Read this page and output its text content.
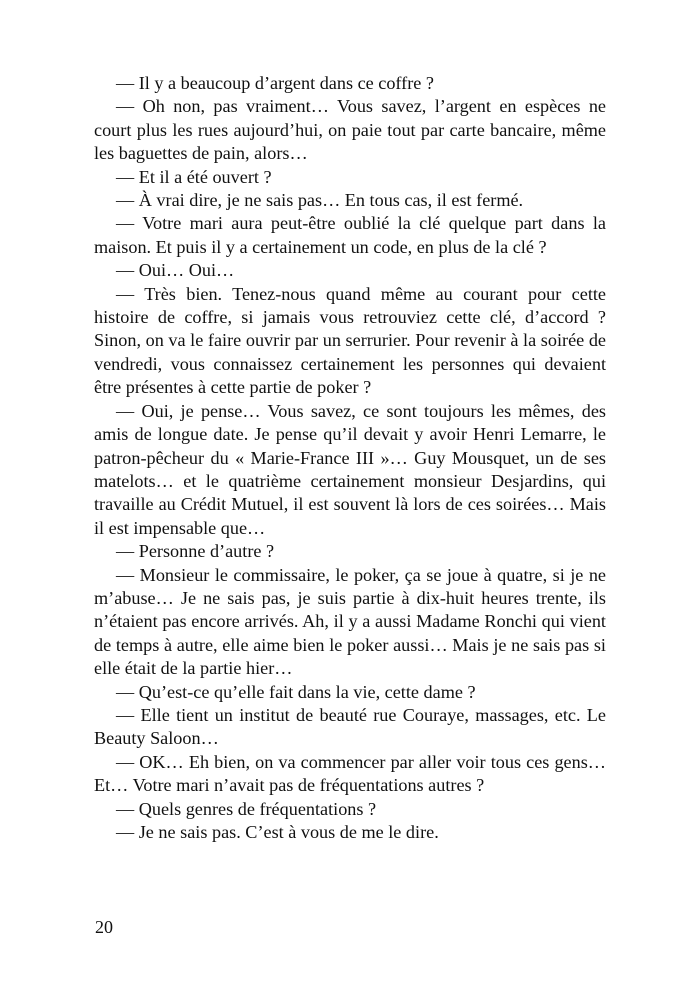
— Il y a beaucoup d’argent dans ce coffre ?

— Oh non, pas vraiment… Vous savez, l’argent en espèces ne court plus les rues aujourd’hui, on paie tout par carte bancaire, même les baguettes de pain, alors…

— Et il a été ouvert ?

— À vrai dire, je ne sais pas… En tous cas, il est fermé.

— Votre mari aura peut-être oublié la clé quelque part dans la maison. Et puis il y a certainement un code, en plus de la clé ?

— Oui… Oui…

— Très bien. Tenez-nous quand même au courant pour cette histoire de coffre, si jamais vous retrouviez cette clé, d’accord ? Sinon, on va le faire ouvrir par un serrurier. Pour revenir à la soirée de vendredi, vous connaissez certainement les personnes qui devaient être présentes à cette partie de poker ?

— Oui, je pense… Vous savez, ce sont toujours les mêmes, des amis de longue date. Je pense qu’il devait y avoir Henri Lemarre, le patron-pêcheur du « Marie-France III »… Guy Mousquet, un de ses matelots… et le quatrième certainement monsieur Desjardins, qui travaille au Crédit Mutuel, il est souvent là lors de ces soirées… Mais il est impensable que…

— Personne d’autre ?

— Monsieur le commissaire, le poker, ça se joue à quatre, si je ne m’abuse… Je ne sais pas, je suis partie à dix-huit heures trente, ils n’étaient pas encore arrivés. Ah, il y a aussi Madame Ronchi qui vient de temps à autre, elle aime bien le poker aussi… Mais je ne sais pas si elle était de la partie hier…

— Qu’est-ce qu’elle fait dans la vie, cette dame ?

— Elle tient un institut de beauté rue Couraye, massages, etc. Le Beauty Saloon…

— OK… Eh bien, on va commencer par aller voir tous ces gens… Et… Votre mari n’avait pas de fréquentations autres ?

— Quels genres de fréquentations ?

— Je ne sais pas. C’est à vous de me le dire.

20
